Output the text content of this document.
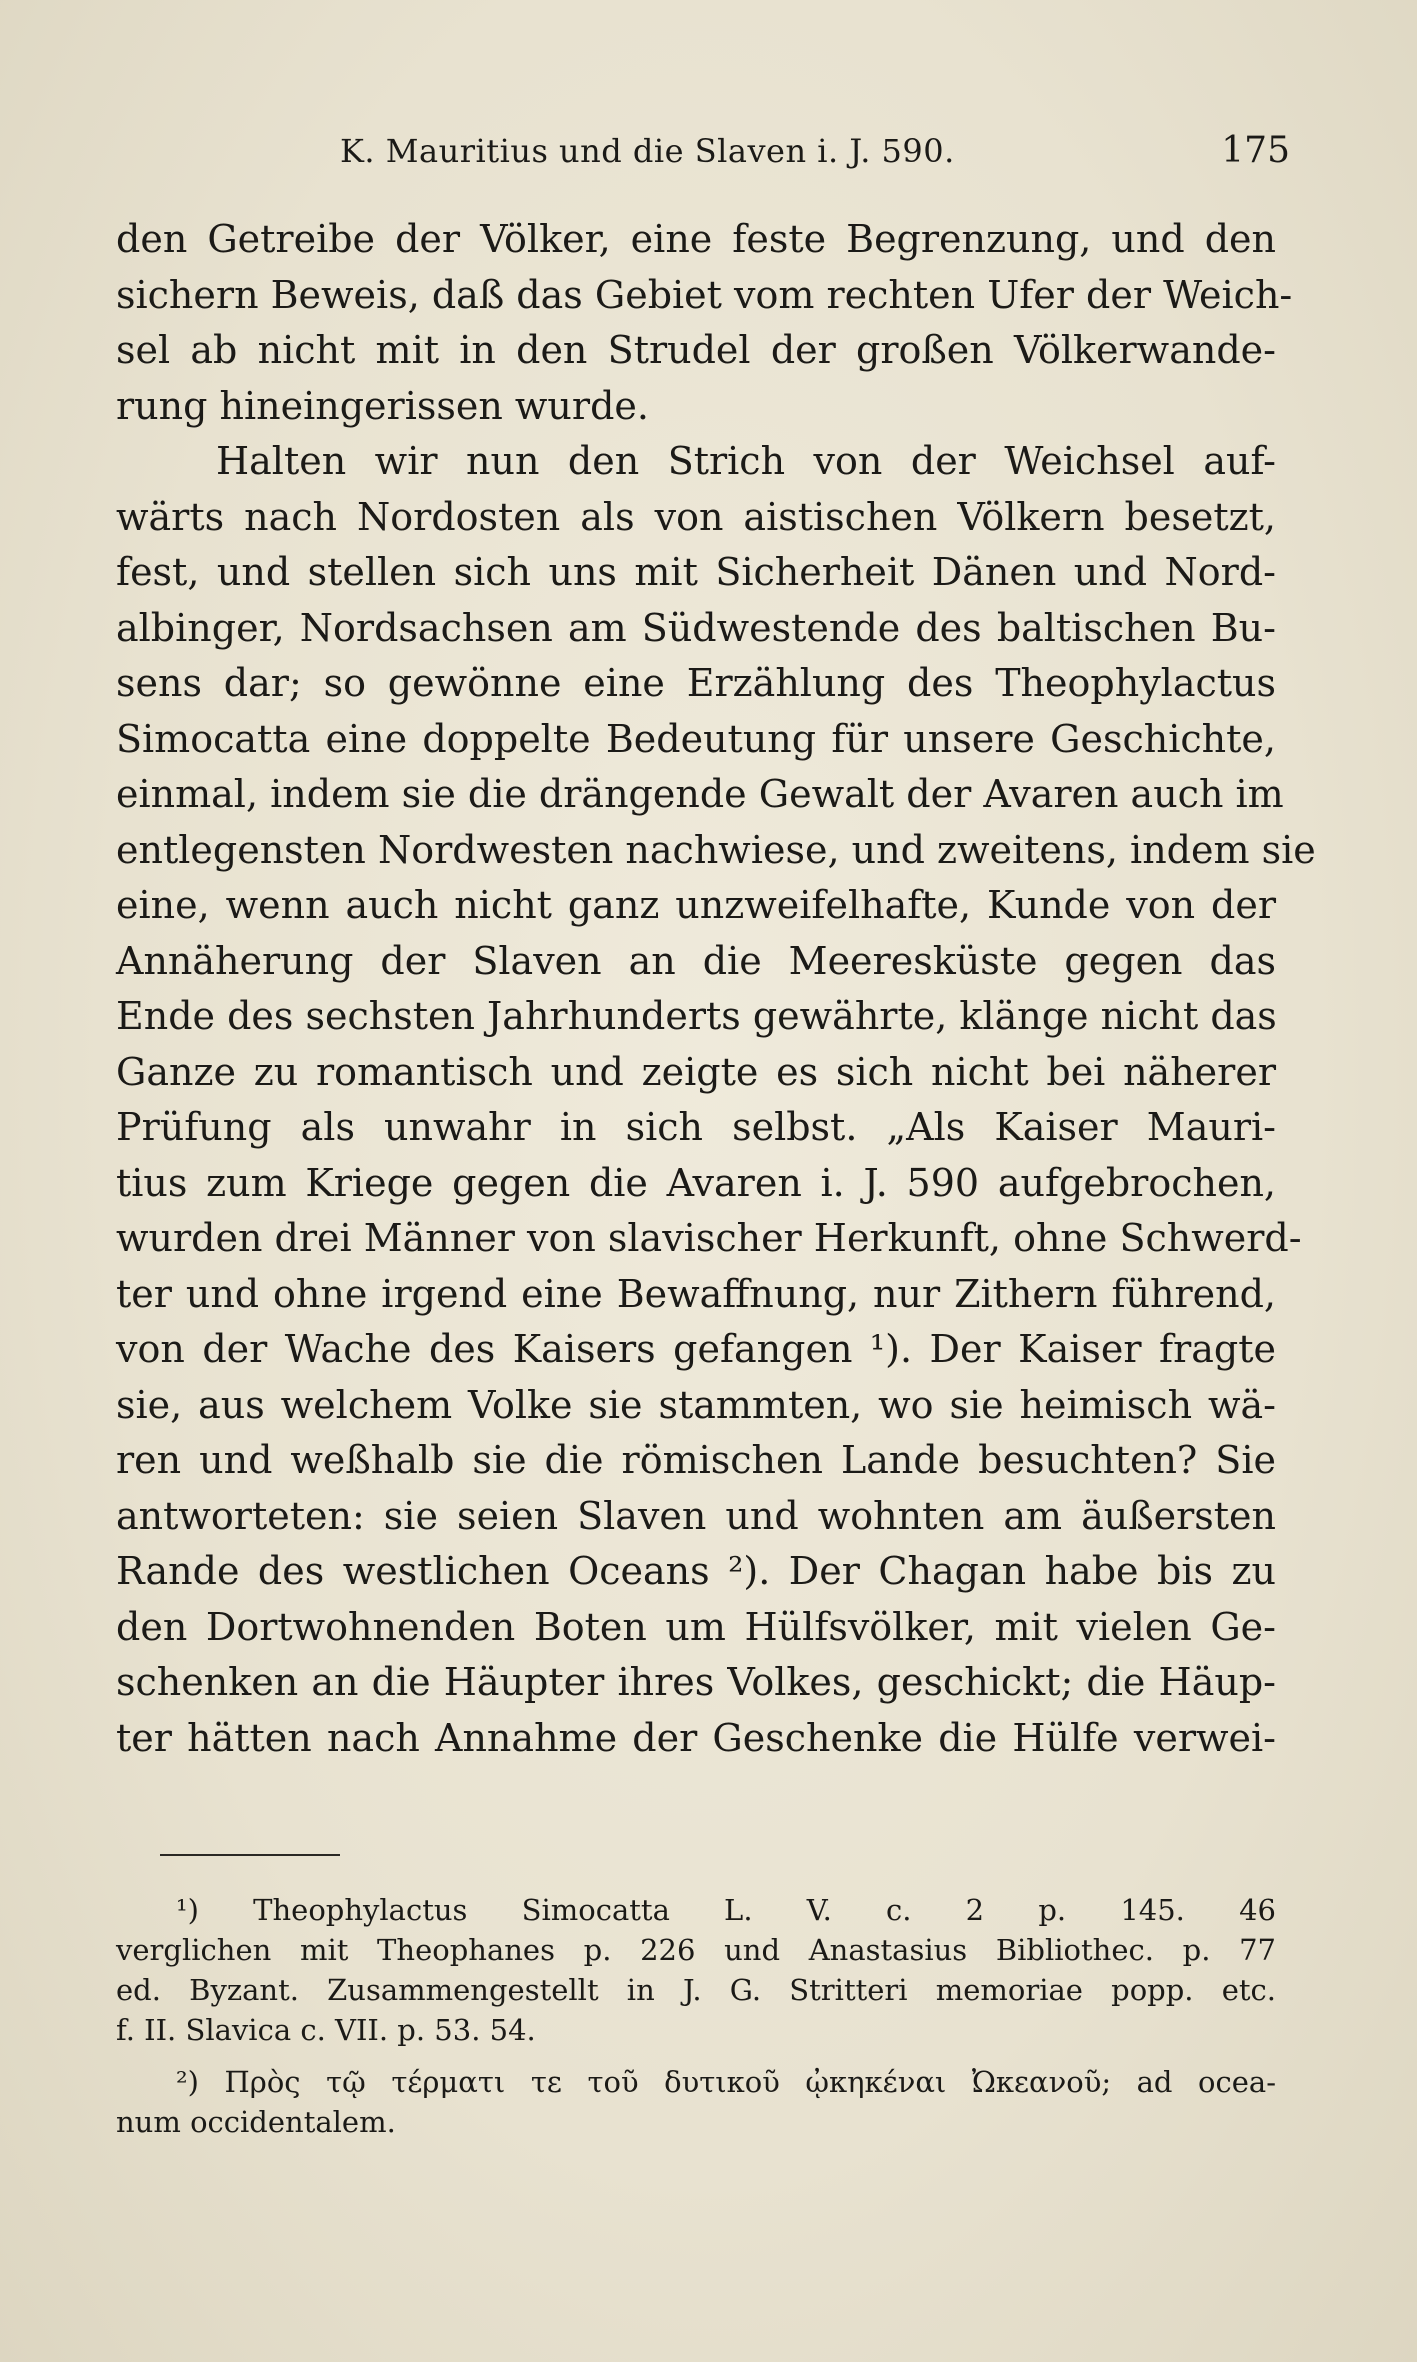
K. Mauritius und die Slaven i. J. 590.	175
den Getreibe der Völker, eine feste Begrenzung, und den
sichern Beweis, daß das Gebiet vom rechten Ufer der Weich-
sel ab nicht mit in den Strudel der großen Völkerwande-
rung hineingerissen wurde.
Halten wir nun den Strich von der Weichsel auf-
wärts nach Nordosten als von aistischen Völkern besetzt,
fest, und stellen sich uns mit Sicherheit Dänen und Nord-
albinger, Nordsachsen am Südwestende des baltischen Bu-
sens dar; so gewönne eine Erzählung des Theophylactus
Simocatta eine doppelte Bedeutung für unsere Geschichte,
einmal, indem sie die drängende Gewalt der Avaren auch im
entlegensten Nordwesten nachwiese, und zweitens, indem sie
eine, wenn auch nicht ganz unzweifelhafte, Kunde von der
Annäherung der Slaven an die Meeresküste gegen das
Ende des sechsten Jahrhunderts gewährte, klänge nicht das
Ganze zu romantisch und zeigte es sich nicht bei näherer
Prüfung als unwahr in sich selbst. „Als Kaiser Mauri-
tius zum Kriege gegen die Avaren i. J. 590 aufgebrochen,
wurden drei Männer von slavischer Herkunft, ohne Schwerd-
ter und ohne irgend eine Bewaffnung, nur Zithern führend,
von der Wache des Kaisers gefangen ¹). Der Kaiser fragte
sie, aus welchem Volke sie stammten, wo sie heimisch wä-
ren und weßhalb sie die römischen Lande besuchten? Sie
antworteten: sie seien Slaven und wohnten am äußersten
Rande des westlichen Oceans ²). Der Chagan habe bis zu
den Dortwohnenden Boten um Hülfsvölker, mit vielen Ge-
schenken an die Häupter ihres Volkes, geschickt; die Häup-
ter hätten nach Annahme der Geschenke die Hülfe verwei-
¹) Theophylactus Simocatta L. V. c. 2 p. 145. 46
verglichen mit Theophanes p. 226 und Anastasius Bibliothec. p. 77
ed. Byzant. Zusammengestellt in J. G. Stritteri memoriae popp. etc.
f. II. Slavica c. VII. p. 53. 54.
²) Πρὸς τῷ τέρματι τε τοῦ δυτικοῦ ᾠκηκέναι Ὠκεανοῦ; ad ocea-
num occidentalem.
